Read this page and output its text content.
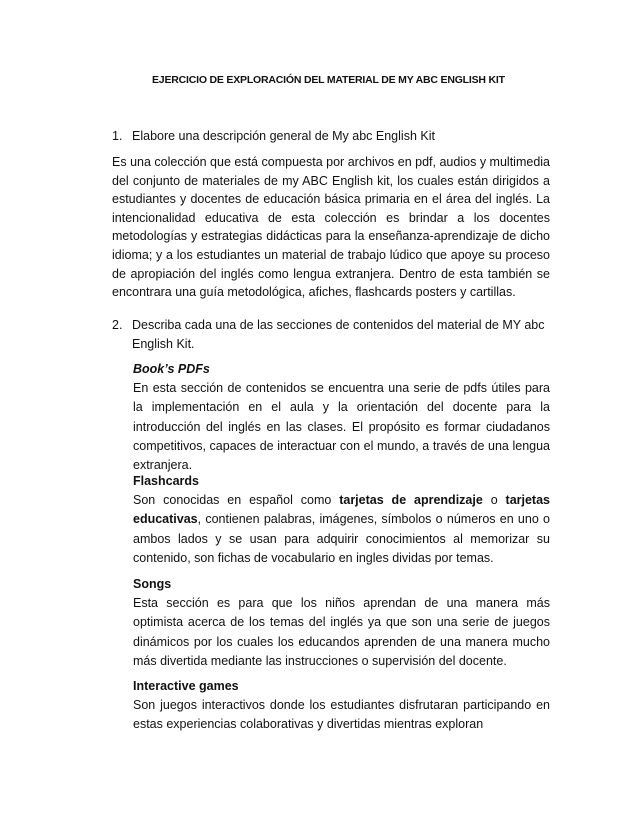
EJERCICIO DE EXPLORACIÓN DEL MATERIAL DE MY ABC ENGLISH KIT
1. Elabore una descripción general de My abc English Kit
Es una colección que está compuesta por archivos en pdf, audios y multimedia del conjunto de materiales de my ABC English kit, los cuales están dirigidos a estudiantes y docentes de educación básica primaria en el área del inglés. La intencionalidad educativa de esta colección es brindar a los docentes metodologías y estrategias didácticas para la enseñanza-aprendizaje de dicho idioma; y a los estudiantes un material de trabajo lúdico que apoye su proceso de apropiación del inglés como lengua extranjera. Dentro de esta también se encontrara una guía metodológica, afiches, flashcards posters y cartillas.
2. Describa cada una de las secciones de contenidos del material de MY abc English Kit.
Book’s PDFs
En esta sección de contenidos se encuentra una serie de pdfs útiles para la implementación en el aula y la orientación del docente para la introducción del inglés en las clases. El propósito es formar ciudadanos competitivos, capaces de interactuar con el mundo, a través de una lengua extranjera.
Flashcards
Son conocidas en español como tarjetas de aprendizaje o tarjetas educativas, contienen palabras, imágenes, símbolos o números en uno o ambos lados y se usan para adquirir conocimientos al memorizar su contenido, son fichas de vocabulario en ingles dividas por temas.
Songs
Esta sección es para que los niños aprendan de una manera más optimista acerca de los temas del inglés ya que son una serie de juegos dinámicos por los cuales los educandos aprenden de una manera mucho más divertida mediante las instrucciones o supervisión del docente.
Interactive games
Son juegos interactivos donde los estudiantes disfrutaran participando en estas experiencias colaborativas y divertidas mientras exploran
